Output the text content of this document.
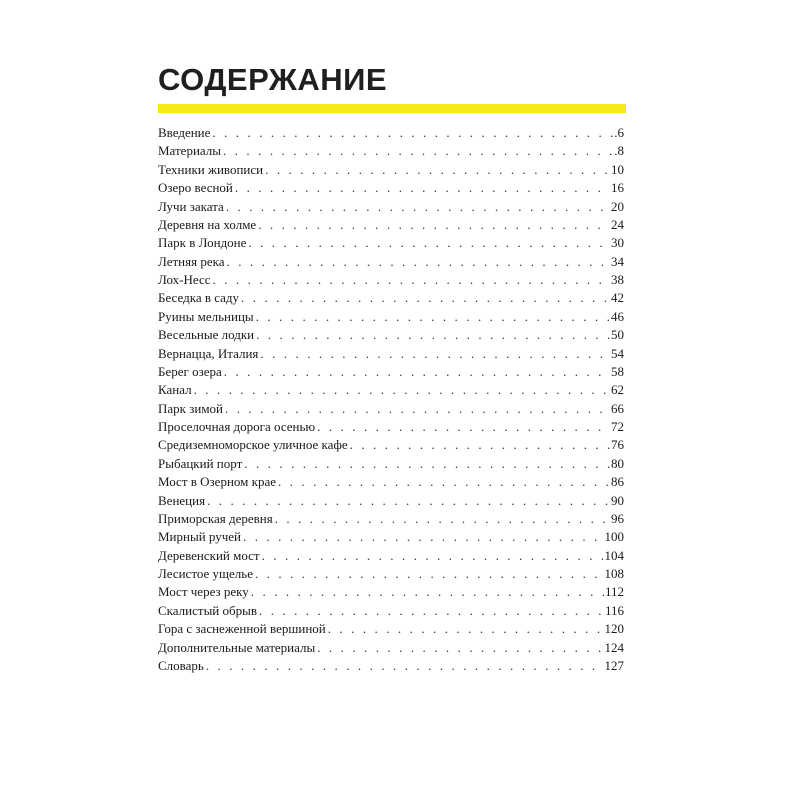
СОДЕРЖАНИЕ
Введение . . .	.6
Материалы . . .	.8
Техники живописи . . .	10
Озеро весной . . .	16
Лучи заката . . .	20
Деревня на холме . . .	24
Парк в Лондоне . . .	30
Летняя река . . .	34
Лох-Несс . . .	38
Беседка в саду . . .	42
Руины мельницы . . .	46
Весельные лодки . . .	50
Вернацца, Италия . . .	54
Берег озера . . .	58
Канал . . .	62
Парк зимой . . .	66
Проселочная дорога осенью . . .	72
Средиземноморское уличное кафе . . .	76
Рыбацкий порт . . .	80
Мост в Озерном крае . . .	86
Венеция . . .	90
Приморская деревня . . .	96
Мирный ручей . . .	100
Деревенский мост . . .	104
Лесистое ущелье . . .	108
Мост через реку . . .	112
Скалистый обрыв . . .	116
Гора с заснеженной вершиной . . .	120
Дополнительные материалы . . .	124
Словарь . . .	127
